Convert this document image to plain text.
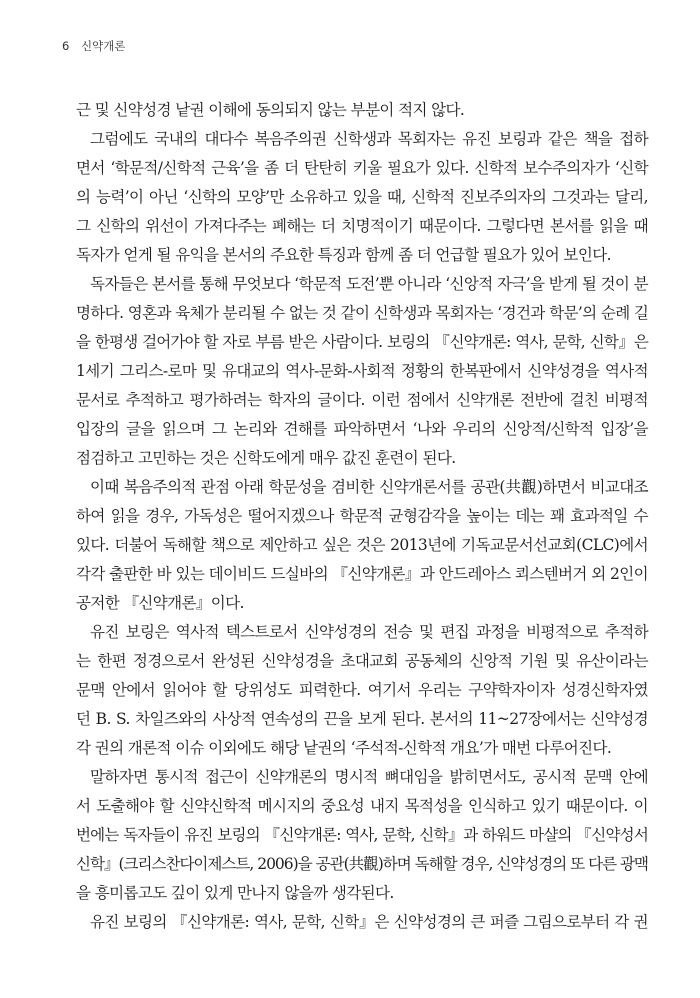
6 신약개론
근 및 신약성경 낱권 이해에 동의되지 않는 부분이 적지 않다.
그럼에도 국내의 대다수 복음주의권 신학생과 목회자는 유진 보링과 같은 책을 접하
면서 ‘학문적/신학적 근육’을 좀 더 탄탄히 키울 필요가 있다. 신학적 보수주의자가 ‘신학
의 능력’이 아닌 ‘신학의 모양’만 소유하고 있을 때, 신학적 진보주의자의 그것과는 달리,
그 신학의 위선이 가져다주는 폐해는 더 치명적이기 때문이다. 그렇다면 본서를 읽을 때
독자가 얻게 될 유익을 본서의 주요한 특징과 함께 좀 더 언급할 필요가 있어 보인다.
독자들은 본서를 통해 무엇보다 ‘학문적 도전’뿐 아니라 ‘신앙적 자극’을 받게 될 것이 분
명하다. 영혼과 육체가 분리될 수 없는 것 같이 신학생과 목회자는 ‘경건과 학문’의 순례 길
을 한평생 걸어가야 할 자로 부름 받은 사람이다. 보링의 『신약개론: 역사, 문학, 신학』은
1세기 그리스-로마 및 유대교의 역사-문화-사회적 정황의 한복판에서 신약성경을 역사적
문서로 추적하고 평가하려는 학자의 글이다. 이런 점에서 신약개론 전반에 걸친 비평적
입장의 글을 읽으며 그 논리와 견해를 파악하면서 ‘나와 우리의 신앙적/신학적 입장’을
점검하고 고민하는 것은 신학도에게 매우 값진 훈련이 된다.
이때 복음주의적 관점 아래 학문성을 겸비한 신약개론서를 공관(共觀)하면서 비교대조
하여 읽을 경우, 가독성은 떨어지겠으나 학문적 균형감각을 높이는 데는 꽤 효과적일 수
있다. 더불어 독해할 책으로 제안하고 싶은 것은 2013년에 기독교문서선교회(CLC)에서
각각 출판한 바 있는 데이비드 드실바의 『신약개론』과 안드레아스 쾨스텐버거 외 2인이
공저한 『신약개론』이다.
유진 보링은 역사적 텍스트로서 신약성경의 전승 및 편집 과정을 비평적으로 추적하
는 한편 정경으로서 완성된 신약성경을 초대교회 공동체의 신앙적 기원 및 유산이라는
문맥 안에서 읽어야 할 당위성도 피력한다. 여기서 우리는 구약학자이자 성경신학자였
던 B. S. 차일즈와의 사상적 연속성의 끈을 보게 된다. 본서의 11~27장에서는 신약성경
각 권의 개론적 이슈 이외에도 해당 낱권의 ‘주석적-신학적 개요’가 매번 다루어진다.
말하자면 통시적 접근이 신약개론의 명시적 뼈대임을 밝히면서도, 공시적 문맥 안에
서 도출해야 할 신약신학적 메시지의 중요성 내지 목적성을 인식하고 있기 때문이다. 이
번에는 독자들이 유진 보링의 『신약개론: 역사, 문학, 신학』과 하워드 마샬의 『신약성서
신학』(크리스찬다이제스트, 2006)을 공관(共觀)하며 독해할 경우, 신약성경의 또 다른 광맥
을 흥미롭고도 깊이 있게 만나지 않을까 생각된다.
유진 보링의 『신약개론: 역사, 문학, 신학』은 신약성경의 큰 퍼즐 그림으로부터 각 권
